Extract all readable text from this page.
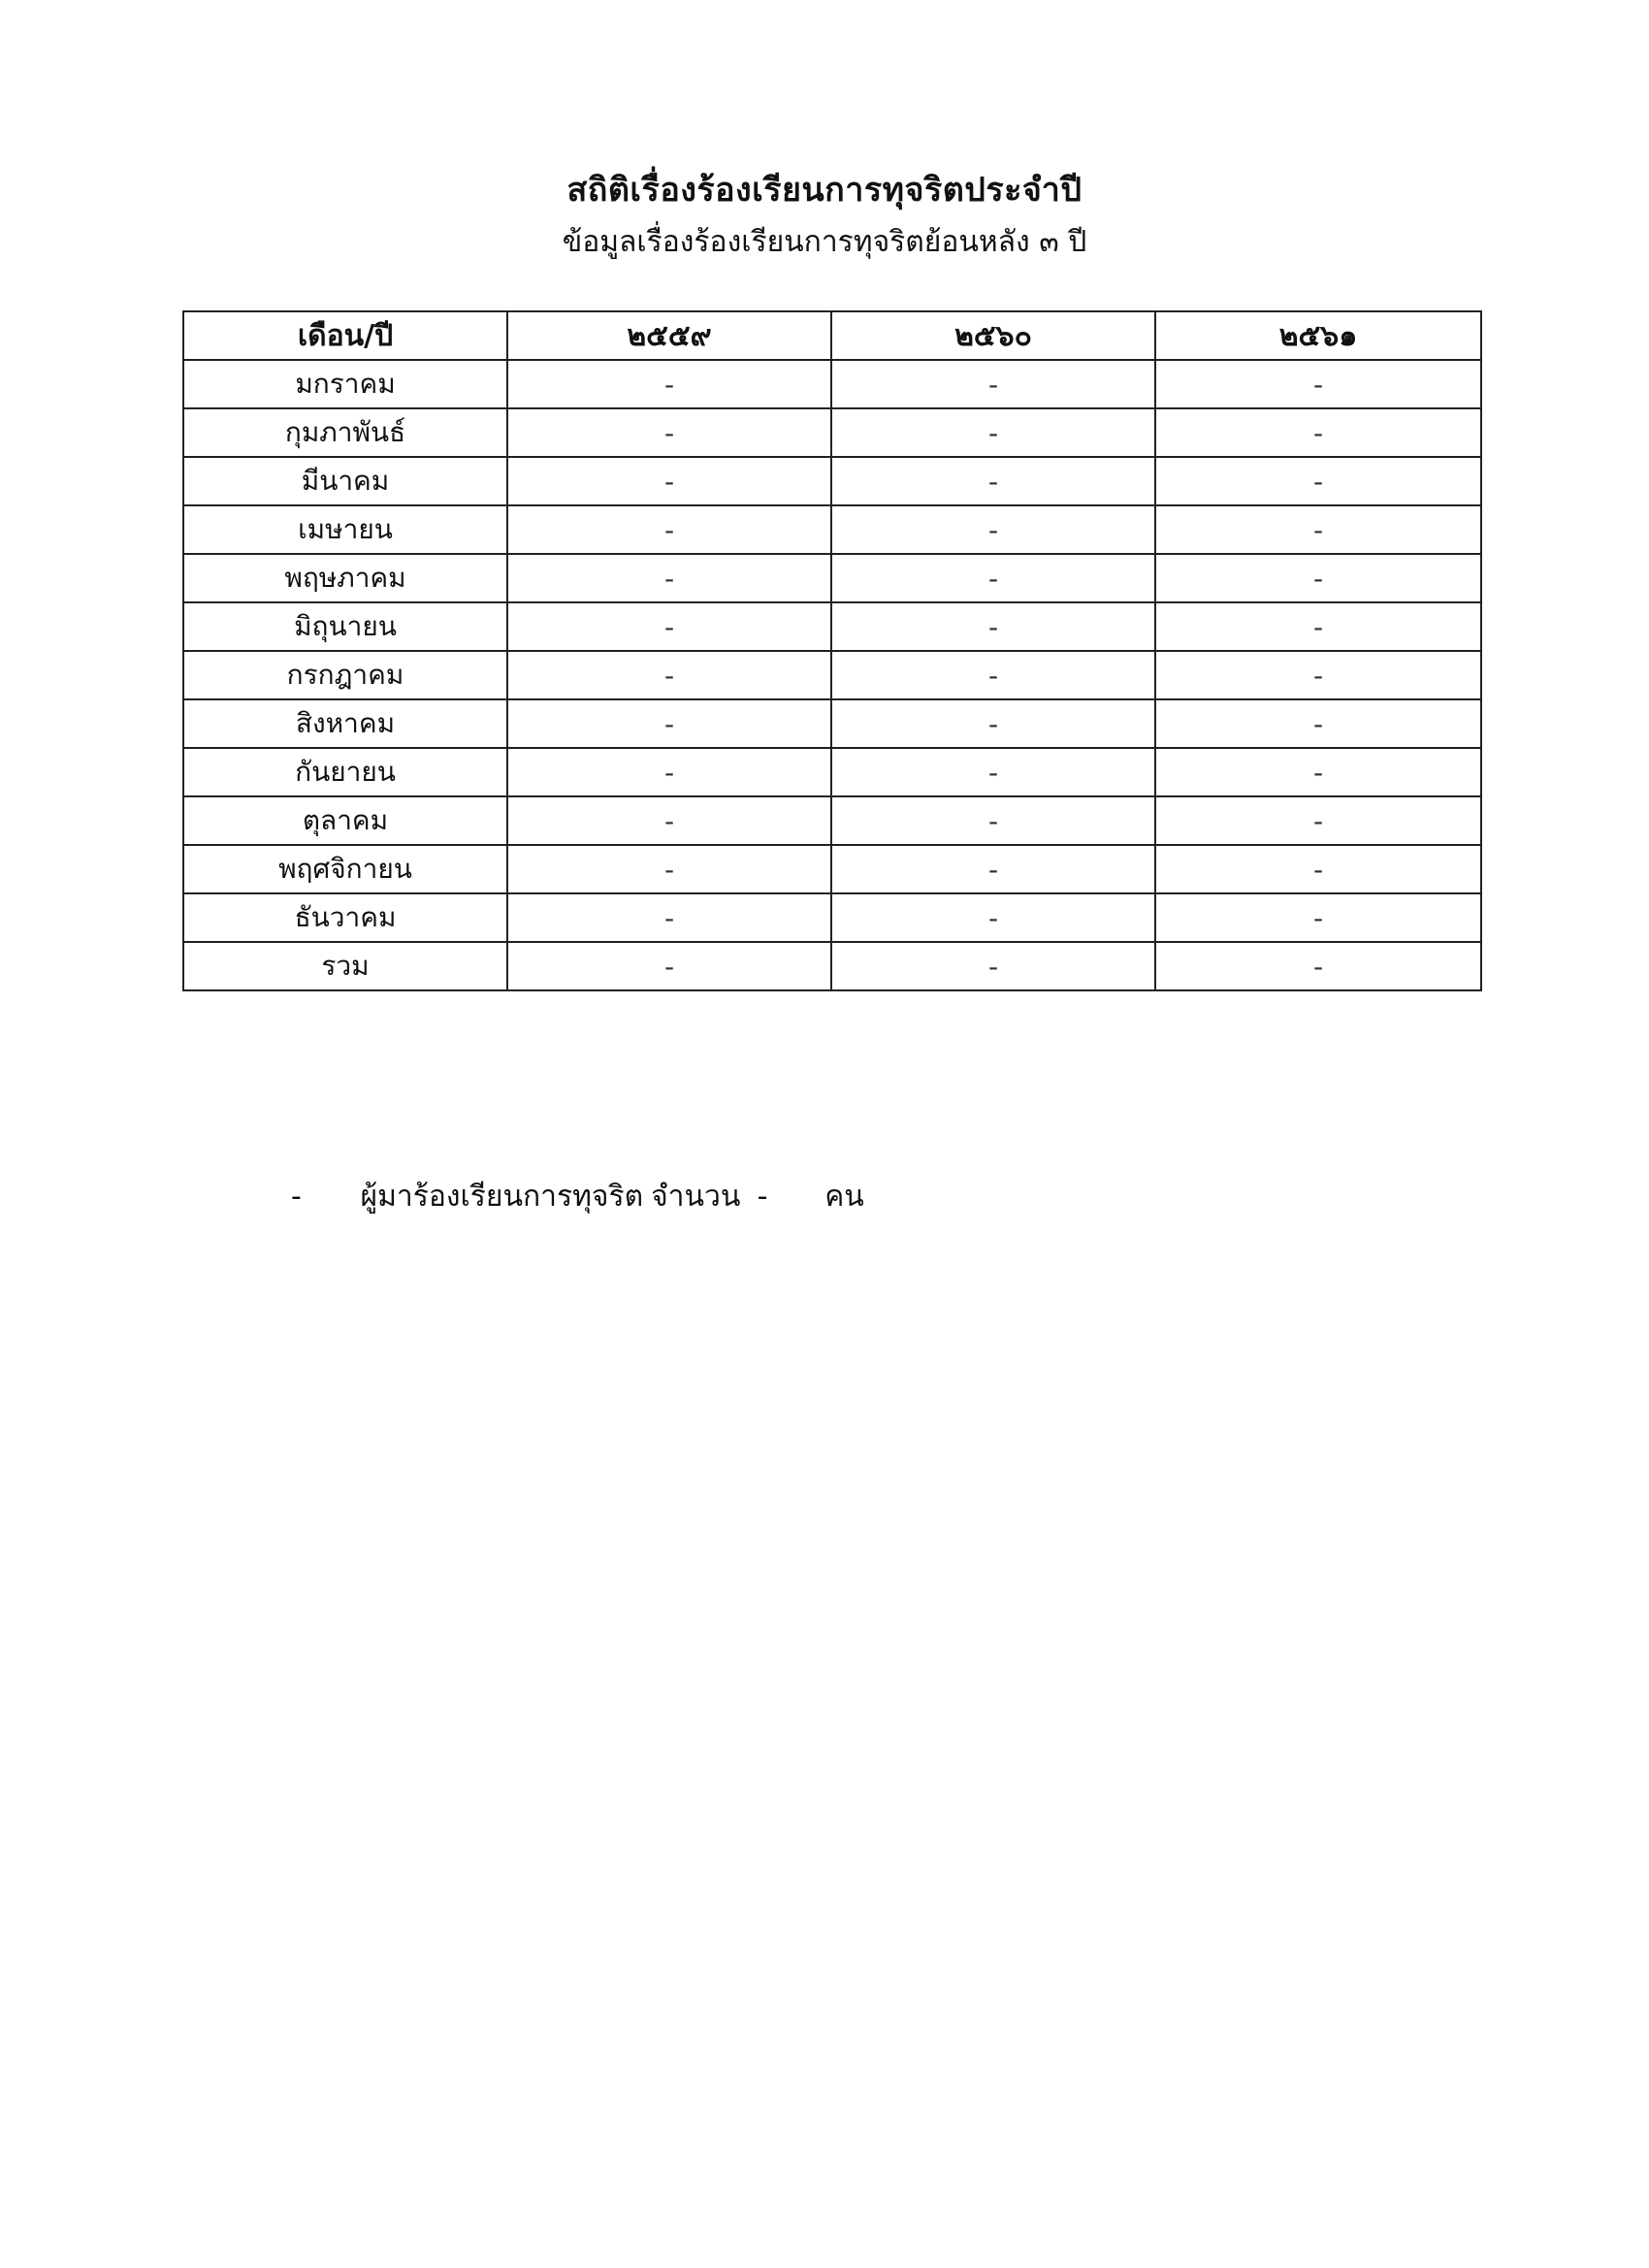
สถิติเรื่องร้องเรียนการทุจริตประจำปี
ข้อมูลเรื่องร้องเรียนการทุจริตย้อนหลัง ๓ ปี
เดือน/ปี	๒๕๕๙	๒๕๖๐	๒๕๖๑
มกราคม	-	-	-
กุมภาพันธ์	-	-	-
มีนาคม	-	-	-
เมษายน	-	-	-
พฤษภาคม	-	-	-
มิถุนายน	-	-	-
กรกฎาคม	-	-	-
สิงหาคม	-	-	-
กันยายน	-	-	-
ตุลาคม	-	-	-
พฤศจิกายน	-	-	-
ธันวาคม	-	-	-
รวม	-	-	-
- ผู้มาร้องเรียนการทุจริต จำนวน - คน
